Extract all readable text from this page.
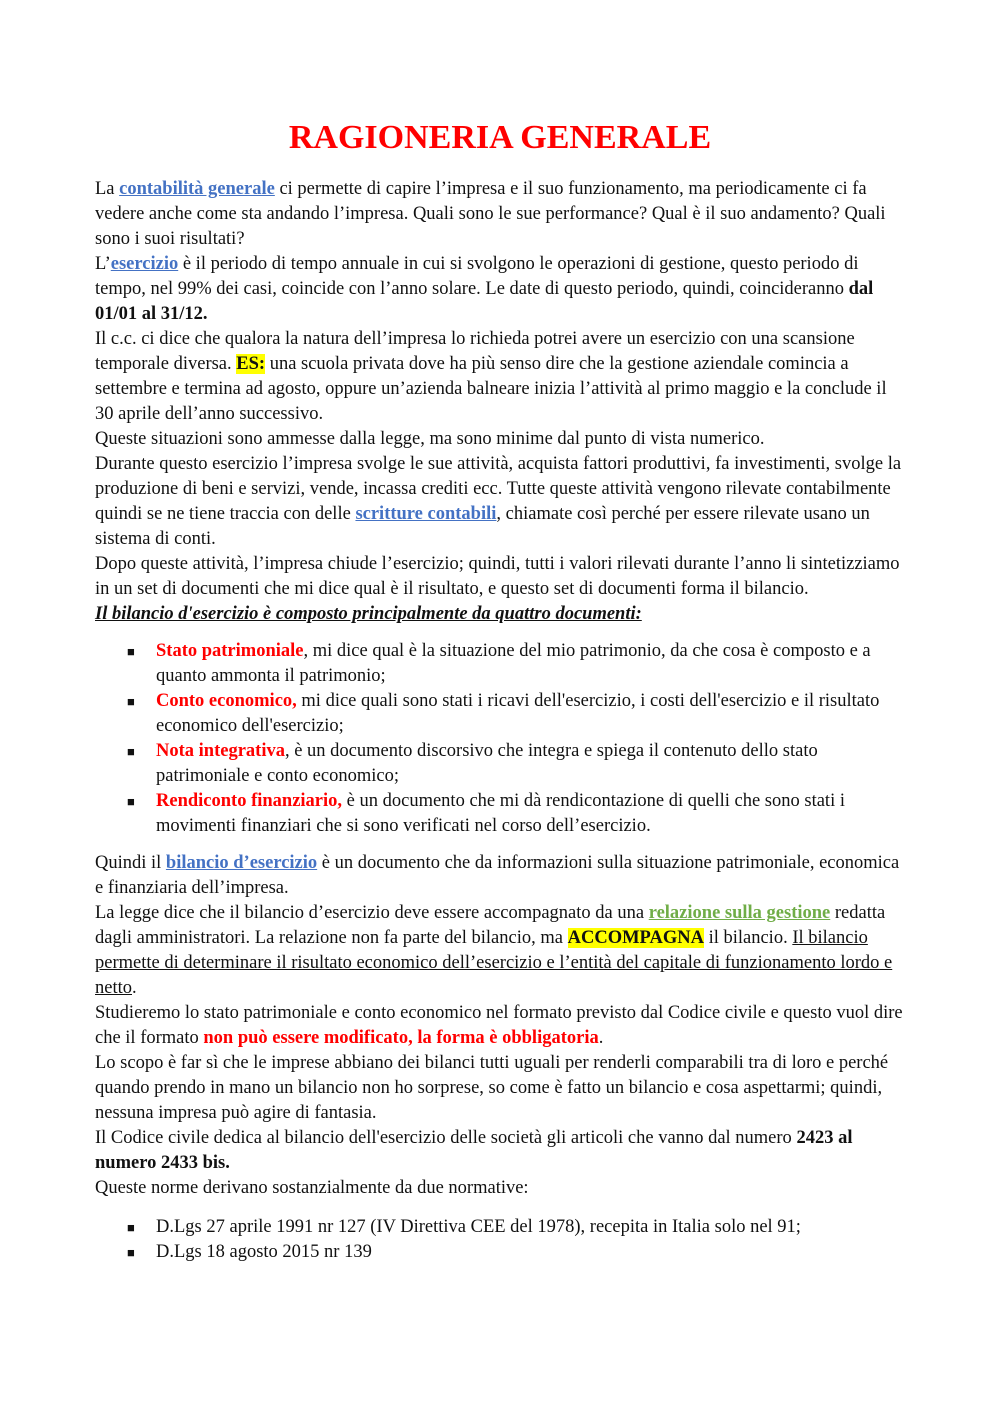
RAGIONERIA GENERALE

La contabilità generale ci permette di capire l’impresa e il suo funzionamento, ma periodicamente ci fa vedere anche come sta andando l’impresa. Quali sono le sue performance? Qual è il suo andamento? Quali sono i suoi risultati?

L’esercizio è il periodo di tempo annuale in cui si svolgono le operazioni di gestione, questo periodo di tempo, nel 99% dei casi, coincide con l’anno solare. Le date di questo periodo, quindi, coincideranno dal 01/01 al 31/12.

Il c.c. ci dice che qualora la natura dell’impresa lo richieda potrei avere un esercizio con una scansione temporale diversa. ES: una scuola privata dove ha più senso dire che la gestione aziendale comincia a settembre e termina ad agosto, oppure un’azienda balneare inizia l’attività al primo maggio e la conclude il 30 aprile dell’anno successivo.

Queste situazioni sono ammesse dalla legge, ma sono minime dal punto di vista numerico.

Durante questo esercizio l’impresa svolge le sue attività, acquista fattori produttivi, fa investimenti, svolge la produzione di beni e servizi, vende, incassa crediti ecc. Tutte queste attività vengono rilevate contabilmente quindi se ne tiene traccia con delle scritture contabili, chiamate così perché per essere rilevate usano un sistema di conti.

Dopo queste attività, l’impresa chiude l’esercizio; quindi, tutti i valori rilevati durante l’anno li sintetizziamo in un set di documenti che mi dice qual è il risultato, e questo set di documenti forma il bilancio.

Il bilancio d'esercizio è composto principalmente da quattro documenti:

■ Stato patrimoniale, mi dice qual è la situazione del mio patrimonio, da che cosa è composto e a quanto ammonta il patrimonio;
■ Conto economico, mi dice quali sono stati i ricavi dell'esercizio, i costi dell'esercizio e il risultato economico dell'esercizio;
■ Nota integrativa, è un documento discorsivo che integra e spiega il contenuto dello stato patrimoniale e conto economico;
■ Rendiconto finanziario, è un documento che mi dà rendicontazione di quelli che sono stati i movimenti finanziari che si sono verificati nel corso dell’esercizio.

Quindi il bilancio d’esercizio è un documento che da informazioni sulla situazione patrimoniale, economica e finanziaria dell’impresa.

La legge dice che il bilancio d’esercizio deve essere accompagnato da una relazione sulla gestione redatta dagli amministratori. La relazione non fa parte del bilancio, ma ACCOMPAGNA il bilancio. Il bilancio permette di determinare il risultato economico dell’esercizio e l’entità del capitale di funzionamento lordo e netto.

Studieremo lo stato patrimoniale e conto economico nel formato previsto dal Codice civile e questo vuol dire che il formato non può essere modificato, la forma è obbligatoria.

Lo scopo è far sì che le imprese abbiano dei bilanci tutti uguali per renderli comparabili tra di loro e perché quando prendo in mano un bilancio non ho sorprese, so come è fatto un bilancio e cosa aspettarmi; quindi, nessuna impresa può agire di fantasia.

Il Codice civile dedica al bilancio dell'esercizio delle società gli articoli che vanno dal numero 2423 al numero 2433 bis.

Queste norme derivano sostanzialmente da due normative:

■ D.Lgs 27 aprile 1991 nr 127 (IV Direttiva CEE del 1978), recepita in Italia solo nel 91;
■ D.Lgs 18 agosto 2015 nr 139
